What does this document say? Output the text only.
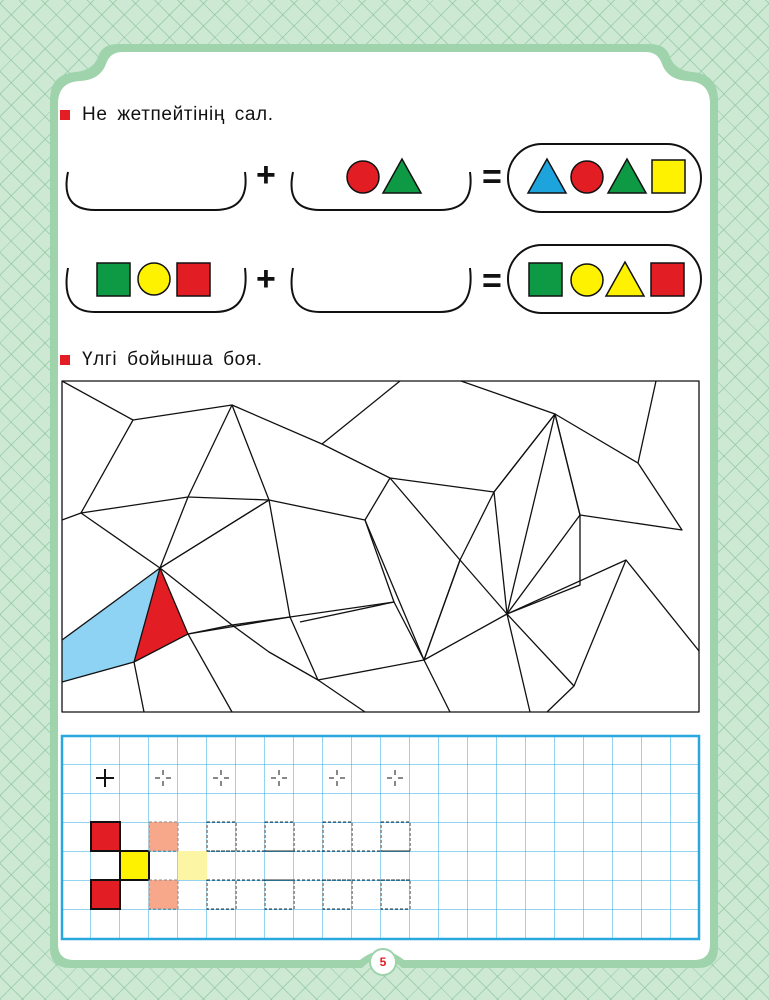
Не жетпейтінің сал.
+	=
+	=
Үлгі бойынша боя.
5
